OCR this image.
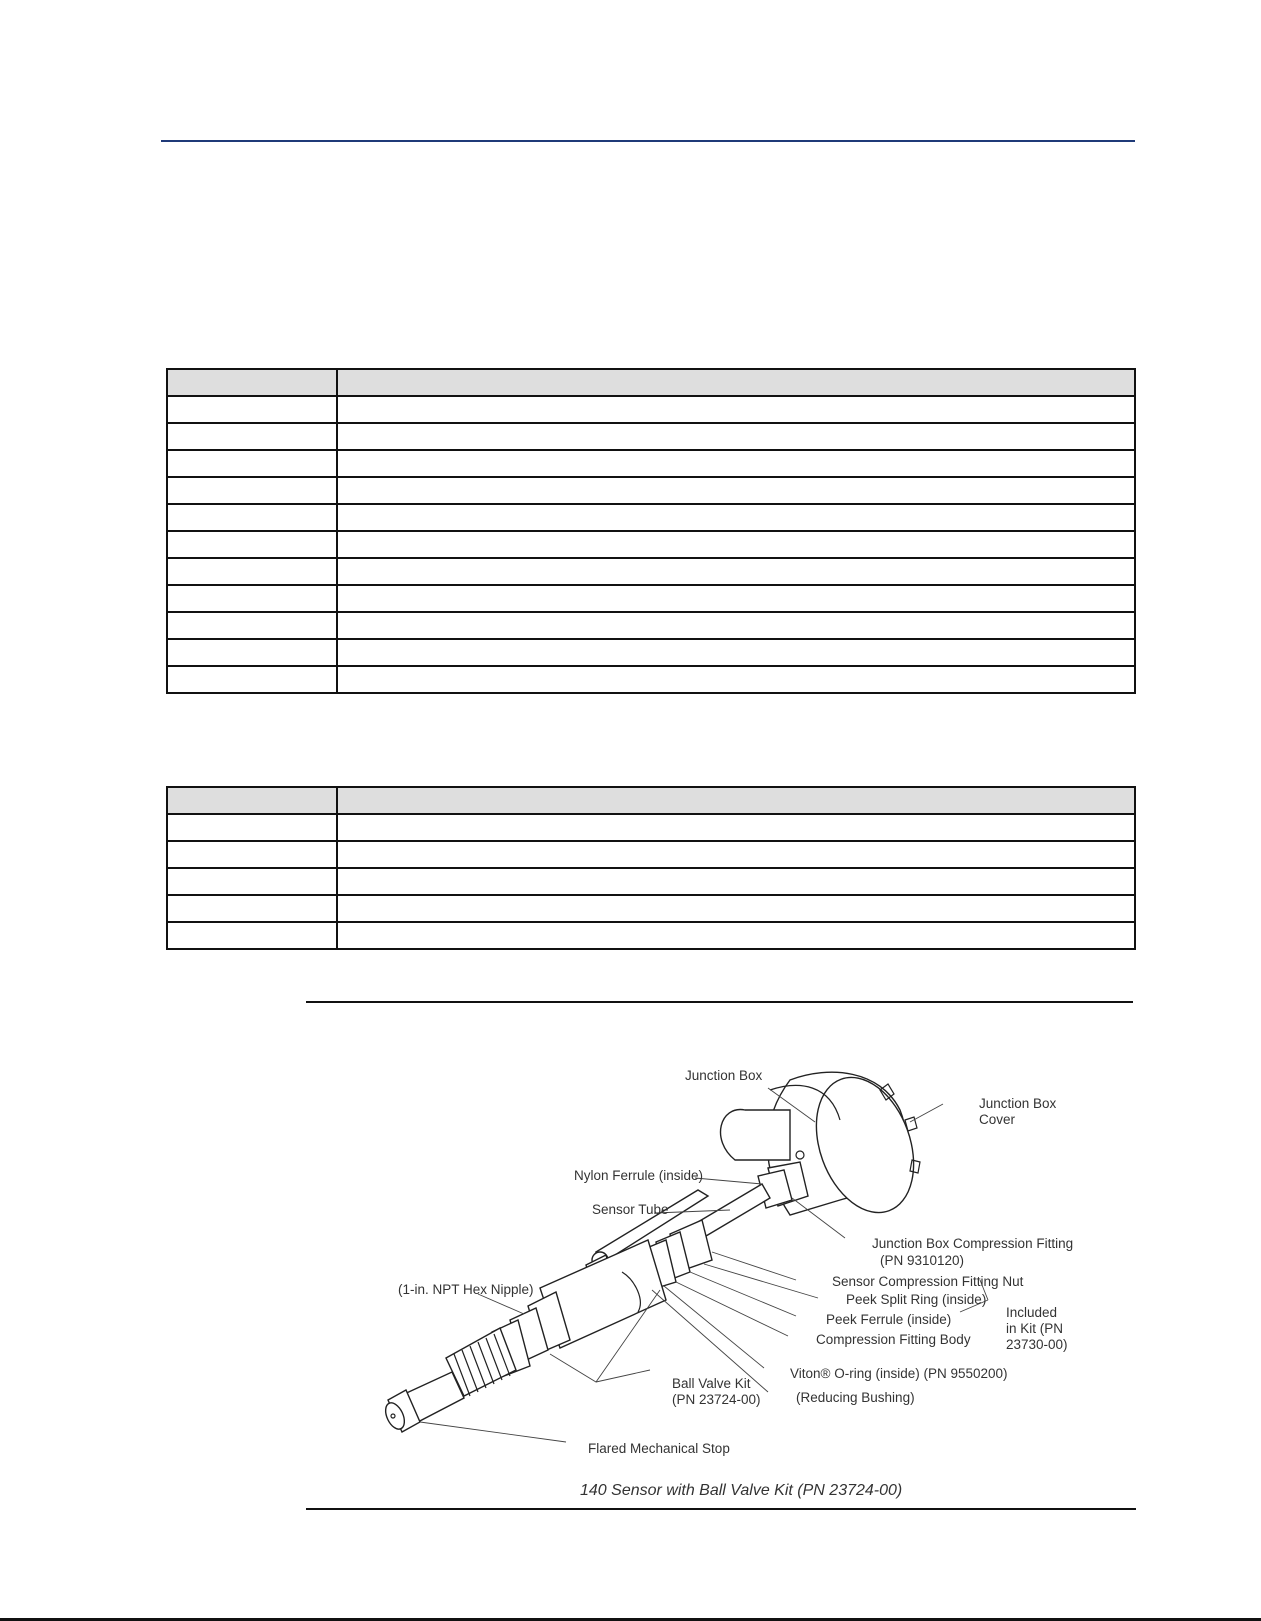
Junction Box
Junction Box
Cover
Nylon Ferrule (inside)
Sensor Tube
Junction Box Compression Fitting
(PN 9310120)
Sensor Compression Fitting Nut
Peek Split Ring (inside)
Peek Ferrule (inside)
Compression Fitting Body
Included
in Kit (PN
23730-00)
(1-in. NPT Hex Nipple)
Viton® O-ring (inside) (PN 9550200)
(Reducing Bushing)
Ball Valve Kit
(PN 23724-00)
Flared Mechanical Stop
140 Sensor with Ball Valve Kit (PN 23724-00)
